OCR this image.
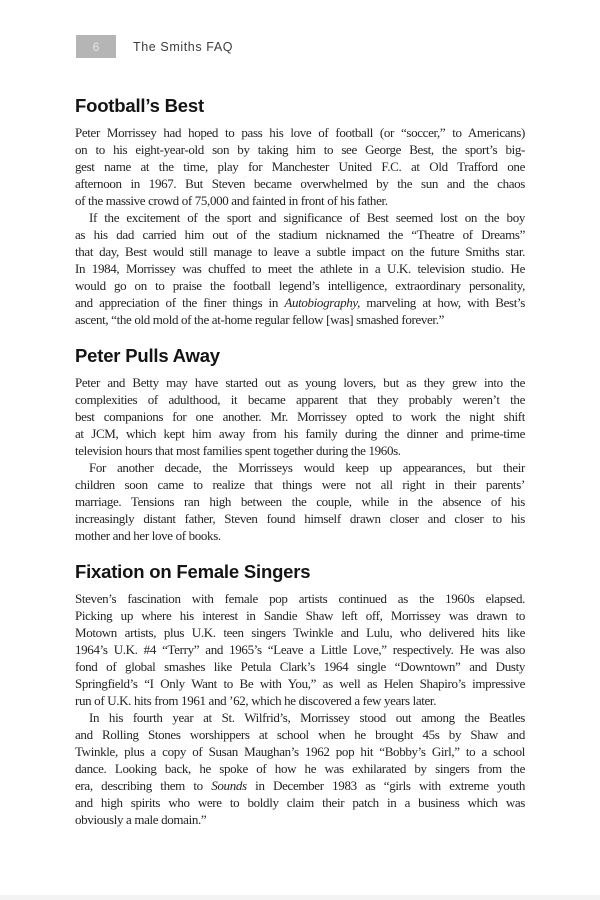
6	The Smiths FAQ
Football’s Best
Peter Morrissey had hoped to pass his love of football (or “soccer,” to Americans)
on to his eight-year-old son by taking him to see George Best, the sport’s big-
gest name at the time, play for Manchester United F.C. at Old Trafford one
afternoon in 1967. But Steven became overwhelmed by the sun and the chaos
of the massive crowd of 75,000 and fainted in front of his father.
If the excitement of the sport and significance of Best seemed lost on the boy
as his dad carried him out of the stadium nicknamed the “Theatre of Dreams”
that day, Best would still manage to leave a subtle impact on the future Smiths star.
In 1984, Morrissey was chuffed to meet the athlete in a U.K. television studio. He
would go on to praise the football legend’s intelligence, extraordinary personality,
and appreciation of the finer things in Autobiography, marveling at how, with Best’s
ascent, “the old mold of the at-home regular fellow [was] smashed forever.”
Peter Pulls Away
Peter and Betty may have started out as young lovers, but as they grew into the
complexities of adulthood, it became apparent that they probably weren’t the
best companions for one another. Mr. Morrissey opted to work the night shift
at JCM, which kept him away from his family during the dinner and prime-time
television hours that most families spent together during the 1960s.
For another decade, the Morrisseys would keep up appearances, but their
children soon came to realize that things were not all right in their parents’
marriage. Tensions ran high between the couple, while in the absence of his
increasingly distant father, Steven found himself drawn closer and closer to his
mother and her love of books.
Fixation on Female Singers
Steven’s fascination with female pop artists continued as the 1960s elapsed.
Picking up where his interest in Sandie Shaw left off, Morrissey was drawn to
Motown artists, plus U.K. teen singers Twinkle and Lulu, who delivered hits like
1964’s U.K. #4 “Terry” and 1965’s “Leave a Little Love,” respectively. He was also
fond of global smashes like Petula Clark’s 1964 single “Downtown” and Dusty
Springfield’s “I Only Want to Be with You,” as well as Helen Shapiro’s impressive
run of U.K. hits from 1961 and ’62, which he discovered a few years later.
In his fourth year at St. Wilfrid’s, Morrissey stood out among the Beatles
and Rolling Stones worshippers at school when he brought 45s by Shaw and
Twinkle, plus a copy of Susan Maughan’s 1962 pop hit “Bobby’s Girl,” to a school
dance. Looking back, he spoke of how he was exhilarated by singers from the
era, describing them to Sounds in December 1983 as “girls with extreme youth
and high spirits who were to boldly claim their patch in a business which was
obviously a male domain.”
